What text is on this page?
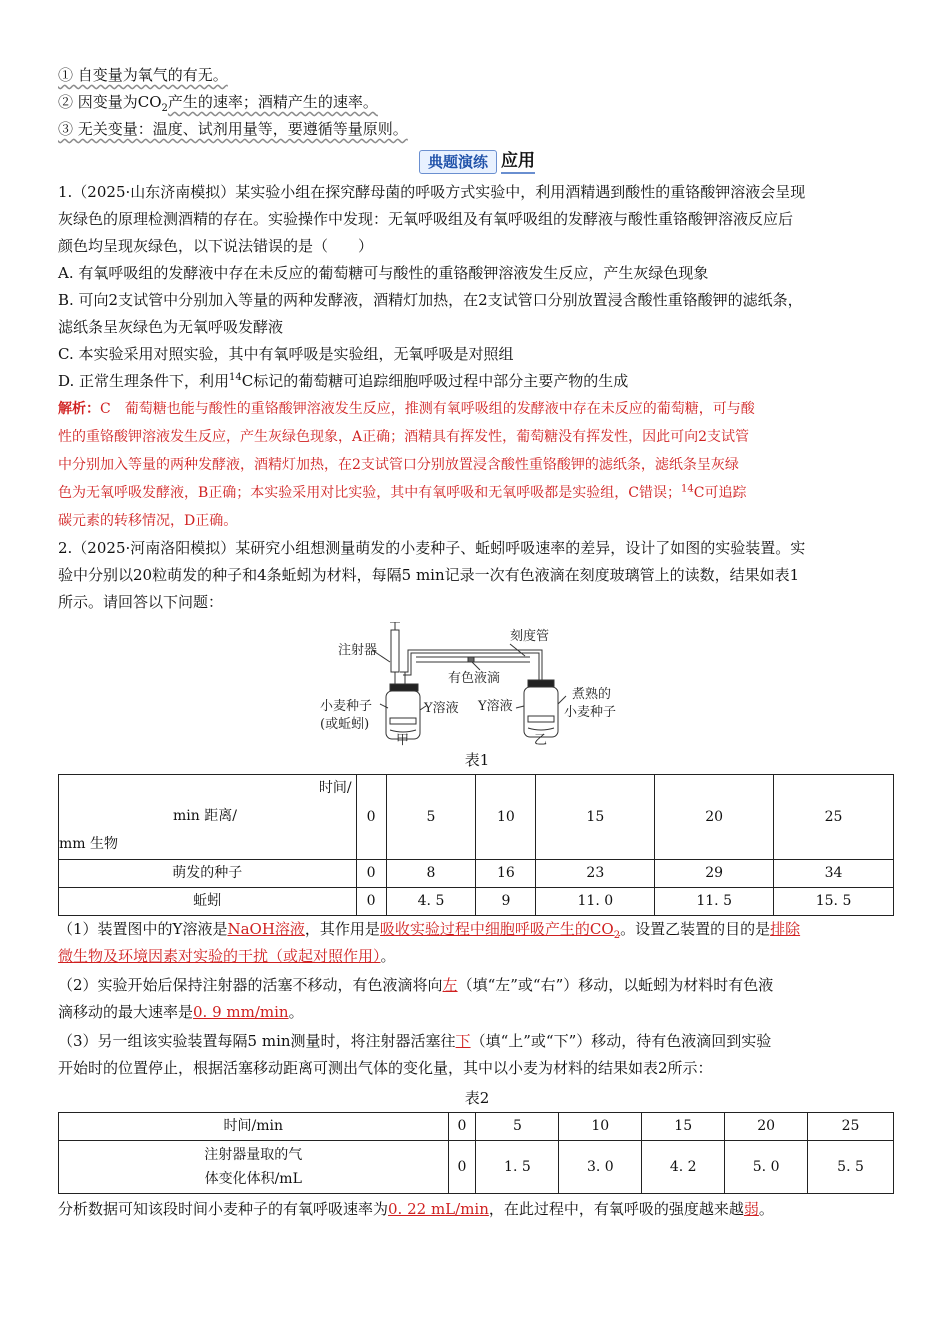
① 自变量为氧气的有无。
② 因变量为$CO_2$产生的速率；酒精产生的速率。
③ 无关变量：温度、试剂用量等，要遵循等量原则。
典题演练 应用
1.（2025·山东济南模拟）某实验小组在探究酵母菌的呼吸方式实验中，利用酒精遇到酸性的重铬酸钾溶液会呈现
灰绿色的原理检测酒精的存在。实验操作中发现：无氧呼吸组及有氧呼吸组的发酵液与酸性重铬酸钾溶液反应后
颜色均呈现灰绿色，以下说法错误的是（　　）
A. 有氧呼吸组的发酵液中存在未反应的葡萄糖可与酸性的重铬酸钾溶液发生反应，产生灰绿色现象
B. 可向2支试管中分别加入等量的两种发酵液，酒精灯加热，在2支试管口分别放置浸含酸性重铬酸钾的滤纸条，
滤纸条呈灰绿色为无氧呼吸发酵液
C. 本实验采用对照实验，其中有氧呼吸是实验组，无氧呼吸是对照组
D. 正常生理条件下，利用$^{14}$C标记的葡萄糖可追踪细胞呼吸过程中部分主要产物的生成
解析：C　葡萄糖也能与酸性的重铬酸钾溶液发生反应，推测有氧呼吸组的发酵液中存在未反应的葡萄糖，可与酸
性的重铬酸钾溶液发生反应，产生灰绿色现象，A正确；酒精具有挥发性，葡萄糖没有挥发性，因此可向2支试管
中分别加入等量的两种发酵液，酒精灯加热，在2支试管口分别放置浸含酸性重铬酸钾的滤纸条，滤纸条呈灰绿
色为无氧呼吸发酵液，B正确；本实验采用对比实验，其中有氧呼吸和无氧呼吸都是实验组，C错误；$^{14}$C可追踪
碳元素的转移情况，D正确。
2.（2025·河南洛阳模拟）某研究小组想测量萌发的小麦种子、蚯蚓呼吸速率的差异，设计了如图的实验装置。实
验中分别以20粒萌发的种子和4条蚯蚓为材料，每隔5 min记录一次有色液滴在刻度玻璃管上的读数，结果如表1
所示。请回答以下问题：
注射器
刻度管
有色液滴
小麦种子
(或蚯蚓)
Y溶液 Y溶液
煮熟的
小麦种子
甲	乙
表1
时间/
min 距离/
mm 生物	0	5	10	15	20	25
萌发的种子	0	8	16	23	29	34
蚯蚓	0	4. 5	9	11. 0	11. 5	15. 5
（1）装置图中的Y溶液是NaOH溶液，其作用是吸收实验过程中细胞呼吸产生的$CO_2$。设置乙装置的目的是排除
微生物及环境因素对实验的干扰（或起对照作用）。
（2）实验开始后保持注射器的活塞不移动，有色液滴将向左（填“左”或“右”）移动，以蚯蚓为材料时有色液
滴移动的最大速率是0. 9 mm/min。
（3）另一组该实验装置每隔5 min测量时，将注射器活塞往下（填“上”或“下”）移动，待有色液滴回到实验
开始时的位置停止，根据活塞移动距离可测出气体的变化量，其中以小麦为材料的结果如表2所示：
表2
时间/min	0	5	10	15	20	25

注射器量取的气
体变化体积/mL	0	1. 5	3. 0	4. 2	5. 0	5. 5
分析数据可知该段时间小麦种子的有氧呼吸速率为0. 22 mL/min，在此过程中，有氧呼吸的强度越来越弱。
